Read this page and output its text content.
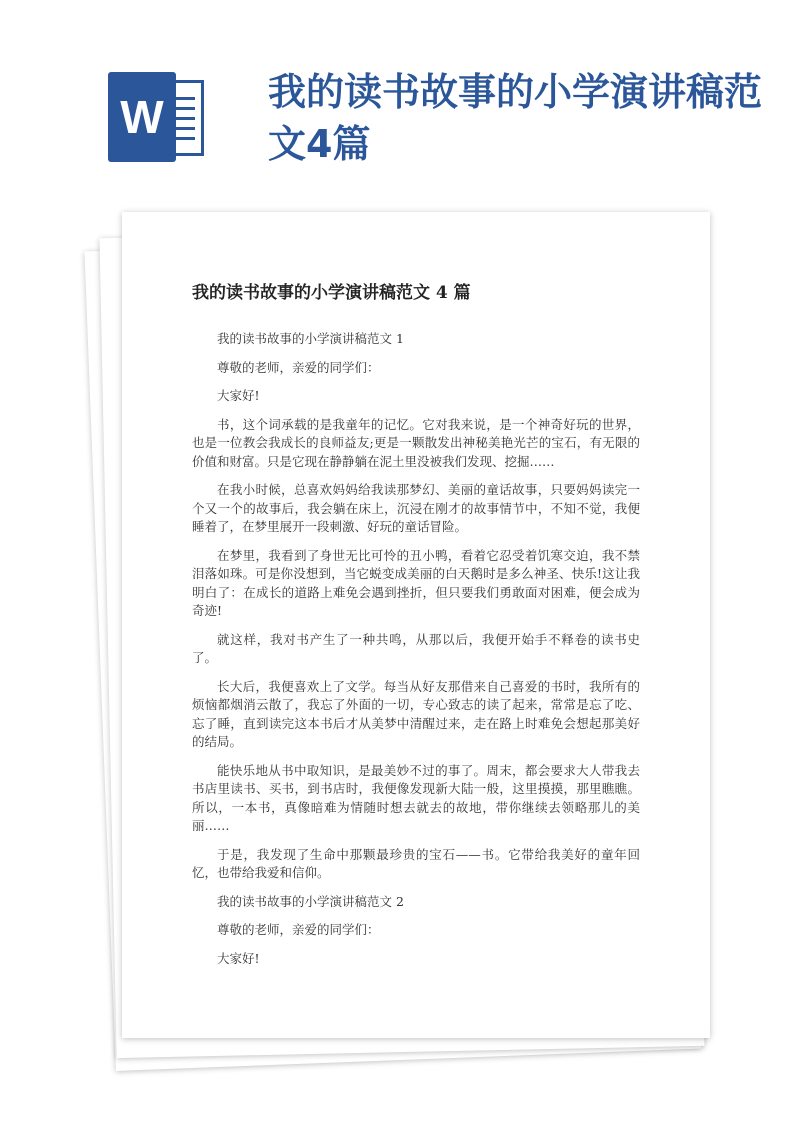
W	我的读书故事的小学演讲稿范文4篇
我的读书故事的小学演讲稿范文 4 篇

我的读书故事的小学演讲稿范文 1

尊敬的老师，亲爱的同学们：

大家好!

书，这个词承载的是我童年的记忆。它对我来说，是一个神奇好玩的世界，也是一位教会我成长的良师益友;更是一颗散发出神秘美艳光芒的宝石，有无限的价值和财富。只是它现在静静躺在泥土里没被我们发现、挖掘……

在我小时候，总喜欢妈妈给我读那梦幻、美丽的童话故事，只要妈妈读完一个又一个的故事后，我会躺在床上，沉浸在刚才的故事情节中，不知不觉，我便睡着了，在梦里展开一段刺激、好玩的童话冒险。

在梦里，我看到了身世无比可怜的丑小鸭，看着它忍受着饥寒交迫，我不禁泪落如珠。可是你没想到，当它蜕变成美丽的白天鹅时是多么神圣、快乐!这让我明白了：在成长的道路上难免会遇到挫折，但只要我们勇敢面对困难，便会成为奇迹!

就这样，我对书产生了一种共鸣，从那以后，我便开始手不释卷的读书史了。

长大后，我便喜欢上了文学。每当从好友那借来自己喜爱的书时，我所有的烦恼都烟消云散了，我忘了外面的一切，专心致志的读了起来，常常是忘了吃、忘了睡，直到读完这本书后才从美梦中清醒过来，走在路上时难免会想起那美好的结局。

能快乐地从书中取知识，是最美妙不过的事了。周末，都会要求大人带我去书店里读书、买书，到书店时，我便像发现新大陆一般，这里摸摸，那里瞧瞧。所以，一本书，真像暗难为情随时想去就去的故地，带你继续去领略那儿的美丽……

于是，我发现了生命中那颗最珍贵的宝石——书。它带给我美好的童年回忆，也带给我爱和信仰。

我的读书故事的小学演讲稿范文 2

尊敬的老师，亲爱的同学们：

大家好!
